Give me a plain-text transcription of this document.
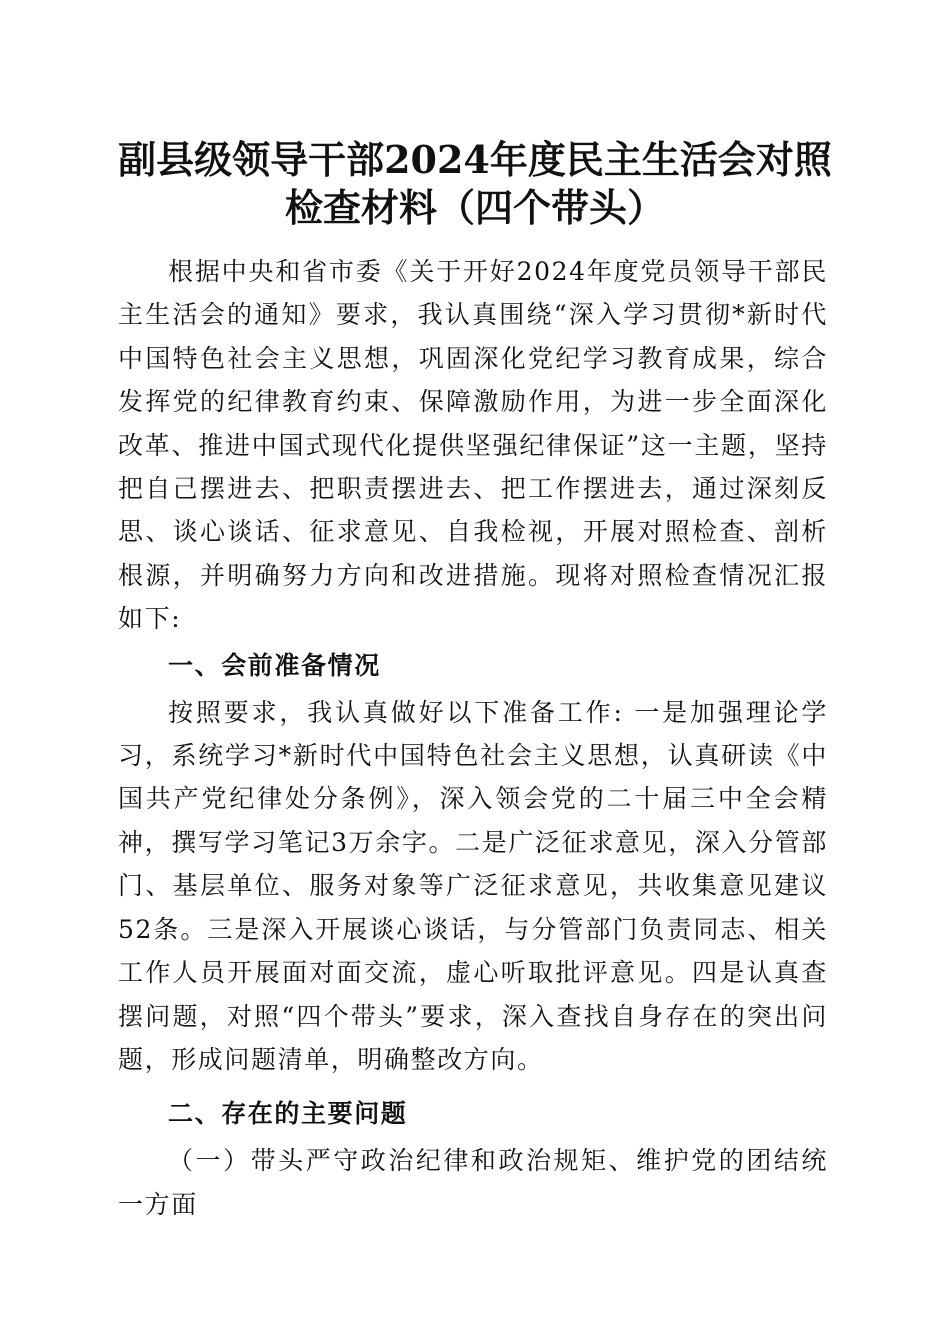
副县级领导干部2024年度民主生活会对照检查材料（四个带头）

根据中央和省市委《关于开好2024年度党员领导干部民主生活会的通知》要求，我认真围绕“深入学习贯彻*新时代中国特色社会主义思想，巩固深化党纪学习教育成果，综合发挥党的纪律教育约束、保障激励作用，为进一步全面深化改革、推进中国式现代化提供坚强纪律保证”这一主题，坚持把自己摆进去、把职责摆进去、把工作摆进去，通过深刻反思、谈心谈话、征求意见、自我检视，开展对照检查、剖析根源，并明确努力方向和改进措施。现将对照检查情况汇报如下:

一、会前准备情况

按照要求，我认真做好以下准备工作: 一是加强理论学习，系统学习*新时代中国特色社会主义思想，认真研读《中国共产党纪律处分条例》，深入领会党的二十届三中全会精神，撰写学习笔记3万余字。二是广泛征求意见，深入分管部门、基层单位、服务对象等广泛征求意见，共收集意见建议52条。三是深入开展谈心谈话，与分管部门负责同志、相关工作人员开展面对面交流，虚心听取批评意见。四是认真查摆问题，对照“四个带头”要求，深入查找自身存在的突出问题，形成问题清单，明确整改方向。

二、存在的主要问题
（一）带头严守政治纪律和政治规矩、维护党的团结统一方面
